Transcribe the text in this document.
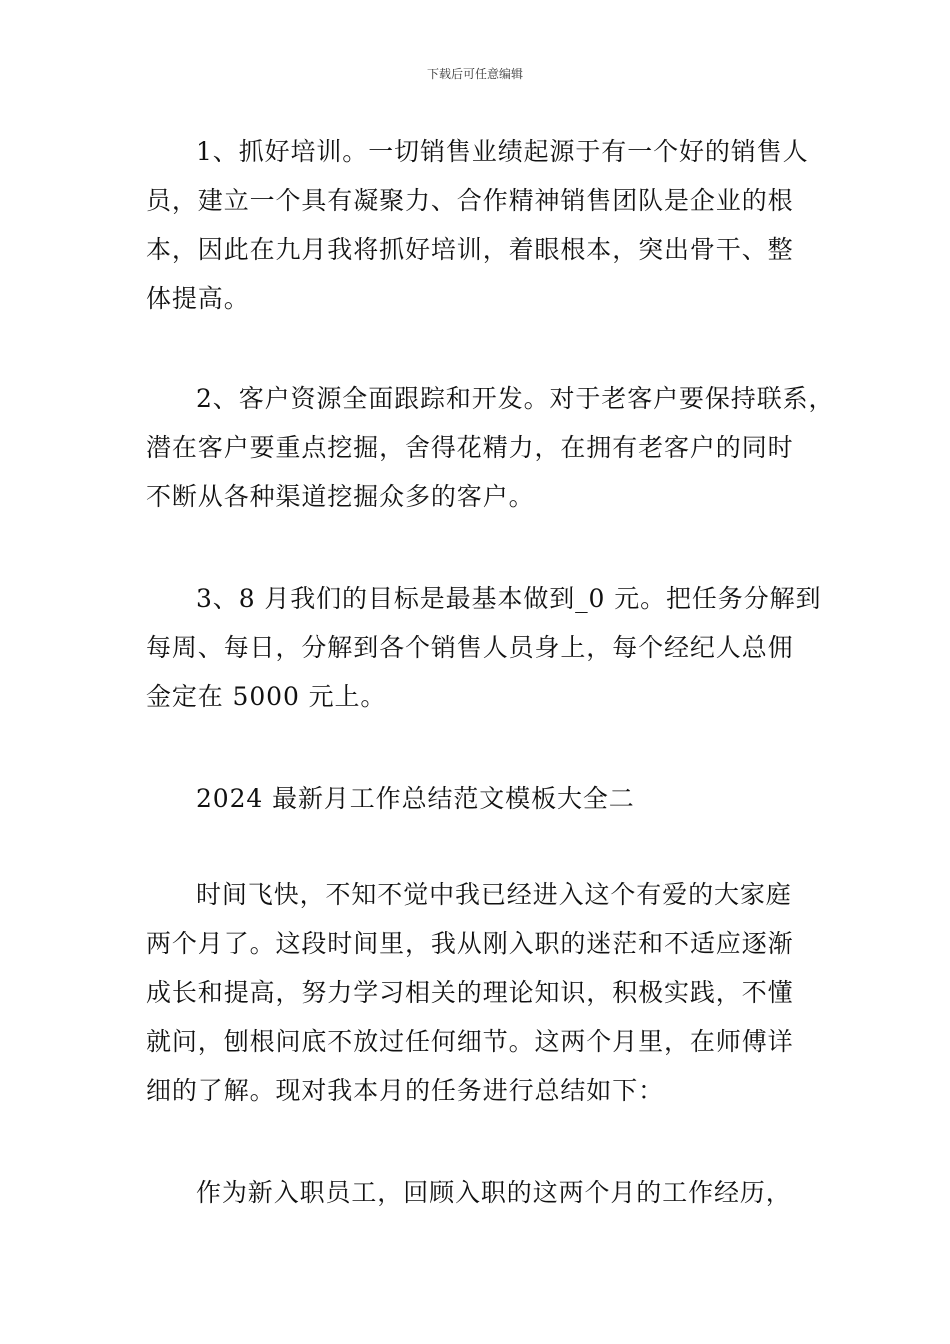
下载后可任意编辑
1、抓好培训。一切销售业绩起源于有一个好的销售人
员，建立一个具有凝聚力、合作精神销售团队是企业的根
本，因此在九月我将抓好培训，着眼根本，突出骨干、整
体提高。
2、客户资源全面跟踪和开发。对于老客户要保持联系，
潜在客户要重点挖掘，舍得花精力，在拥有老客户的同时
不断从各种渠道挖掘众多的客户。
3、8 月我们的目标是最基本做到_0 元。把任务分解到
每周、每日，分解到各个销售人员身上，每个经纪人总佣
金定在 5000 元上。
2024 最新月工作总结范文模板大全二
时间飞快，不知不觉中我已经进入这个有爱的大家庭
两个月了。这段时间里，我从刚入职的迷茫和不适应逐渐
成长和提高，努力学习相关的理论知识，积极实践，不懂
就问，刨根问底不放过任何细节。这两个月里，在师傅详
细的了解。现对我本月的任务进行总结如下：
作为新入职员工，回顾入职的这两个月的工作经历，
